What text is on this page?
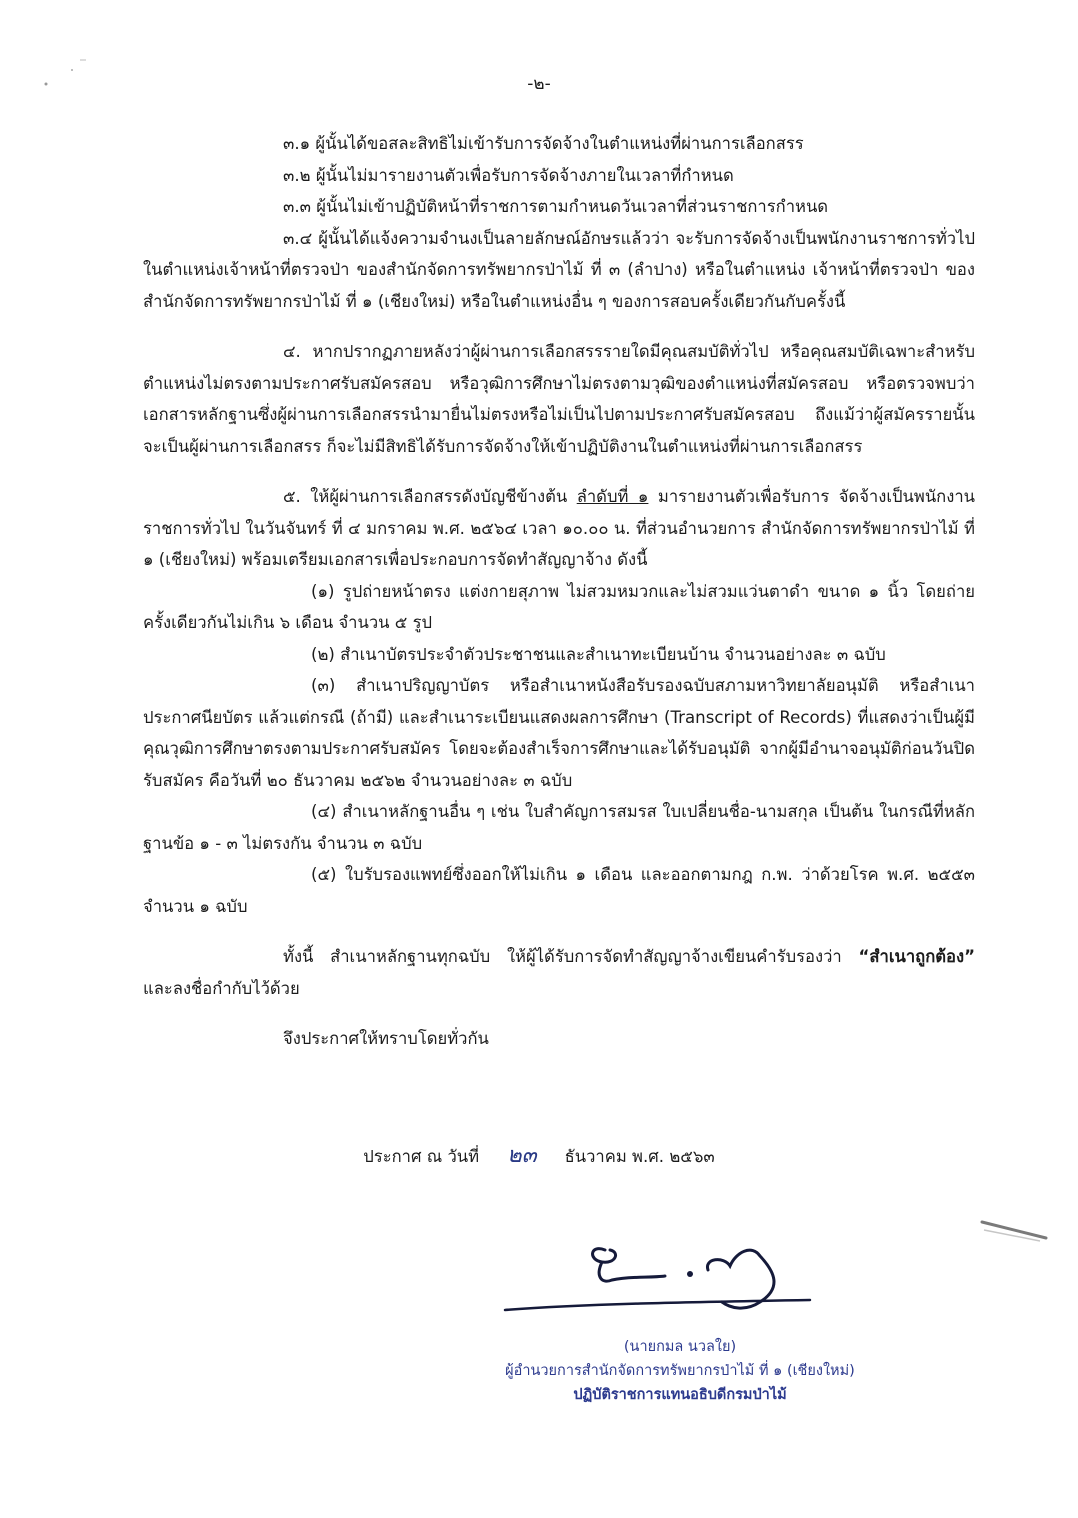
-๒-

๓.๑ ผู้นั้นได้ขอสละสิทธิไม่เข้ารับการจัดจ้างในตำแหน่งที่ผ่านการเลือกสรร

๓.๒ ผู้นั้นไม่มารายงานตัวเพื่อรับการจัดจ้างภายในเวลาที่กำหนด

๓.๓ ผู้นั้นไม่เข้าปฏิบัติหน้าที่ราชการตามกำหนดวันเวลาที่ส่วนราชการกำหนด

๓.๔ ผู้นั้นได้แจ้งความจำนงเป็นลายลักษณ์อักษรแล้วว่า จะรับการจัดจ้างเป็นพนักงานราชการทั่วไป ในตำแหน่งเจ้าหน้าที่ตรวจป่า ของสำนักจัดการทรัพยากรป่าไม้ ที่ ๓ (ลำปาง) หรือในตำแหน่ง เจ้าหน้าที่ตรวจป่า ของสำนักจัดการทรัพยากรป่าไม้ ที่ ๑ (เชียงใหม่) หรือในตำแหน่งอื่น ๆ ของการสอบครั้งเดียวกันกับครั้งนี้

๔. หากปรากฏภายหลังว่าผู้ผ่านการเลือกสรรรายใดมีคุณสมบัติทั่วไป หรือคุณสมบัติเฉพาะสำหรับตำแหน่งไม่ตรงตามประกาศรับสมัครสอบ หรือวุฒิการศึกษาไม่ตรงตามวุฒิของตำแหน่งที่สมัครสอบ หรือตรวจพบว่าเอกสารหลักฐานซึ่งผู้ผ่านการเลือกสรรนำมายื่นไม่ตรงหรือไม่เป็นไปตามประกาศรับสมัครสอบ ถึงแม้ว่าผู้สมัครรายนั้นจะเป็นผู้ผ่านการเลือกสรร ก็จะไม่มีสิทธิได้รับการจัดจ้างให้เข้าปฏิบัติงานในตำแหน่งที่ผ่านการเลือกสรร

๕. ให้ผู้ผ่านการเลือกสรรดังบัญชีข้างต้น ลำดับที่ ๑ มารายงานตัวเพื่อรับการ จัดจ้างเป็นพนักงานราชการทั่วไป ในวันจันทร์ ที่ ๔ มกราคม พ.ศ. ๒๕๖๔ เวลา ๑๐.๐๐ น. ที่ส่วนอำนวยการ สำนักจัดการทรัพยากรป่าไม้ ที่ ๑ (เชียงใหม่) พร้อมเตรียมเอกสารเพื่อประกอบการจัดทำสัญญาจ้าง ดังนี้

(๑) รูปถ่ายหน้าตรง แต่งกายสุภาพ ไม่สวมหมวกและไม่สวมแว่นตาดำ ขนาด ๑ นิ้ว โดยถ่ายครั้งเดียวกันไม่เกิน ๖ เดือน จำนวน ๕ รูป

(๒) สำเนาบัตรประจำตัวประชาชนและสำเนาทะเบียนบ้าน จำนวนอย่างละ ๓ ฉบับ

(๓) สำเนาปริญญาบัตร หรือสำเนาหนังสือรับรองฉบับสภามหาวิทยาลัยอนุมัติ หรือสำเนาประกาศนียบัตร แล้วแต่กรณี (ถ้ามี) และสำเนาระเบียนแสดงผลการศึกษา (Transcript of Records) ที่แสดงว่าเป็นผู้มีคุณวุฒิการศึกษาตรงตามประกาศรับสมัคร โดยจะต้องสำเร็จการศึกษาและได้รับอนุมัติ จากผู้มีอำนาจอนุมัติก่อนวันปิดรับสมัคร คือวันที่ ๒๐ ธันวาคม ๒๕๖๒ จำนวนอย่างละ ๓ ฉบับ

(๔) สำเนาหลักฐานอื่น ๆ เช่น ใบสำคัญการสมรส ใบเปลี่ยนชื่อ-นามสกุล เป็นต้น ในกรณีที่หลักฐานข้อ ๑ - ๓ ไม่ตรงกัน จำนวน ๓ ฉบับ

(๕) ใบรับรองแพทย์ซึ่งออกให้ไม่เกิน ๑ เดือน และออกตามกฎ ก.พ. ว่าด้วยโรค พ.ศ. ๒๕๕๓ จำนวน ๑ ฉบับ

ทั้งนี้ สำเนาหลักฐานทุกฉบับ ให้ผู้ได้รับการจัดทำสัญญาจ้างเขียนคำรับรองว่า “สำเนาถูกต้อง” และลงชื่อกำกับไว้ด้วย

จึงประกาศให้ทราบโดยทั่วกัน

ประกาศ ณ วันที่ ๒๓ ธันวาคม พ.ศ. ๒๕๖๓
(นายกมล นวลใย)
ผู้อำนวยการสำนักจัดการทรัพยากรป่าไม้ ที่ ๑ (เชียงใหม่)
ปฏิบัติราชการแทนอธิบดีกรมป่าไม้
